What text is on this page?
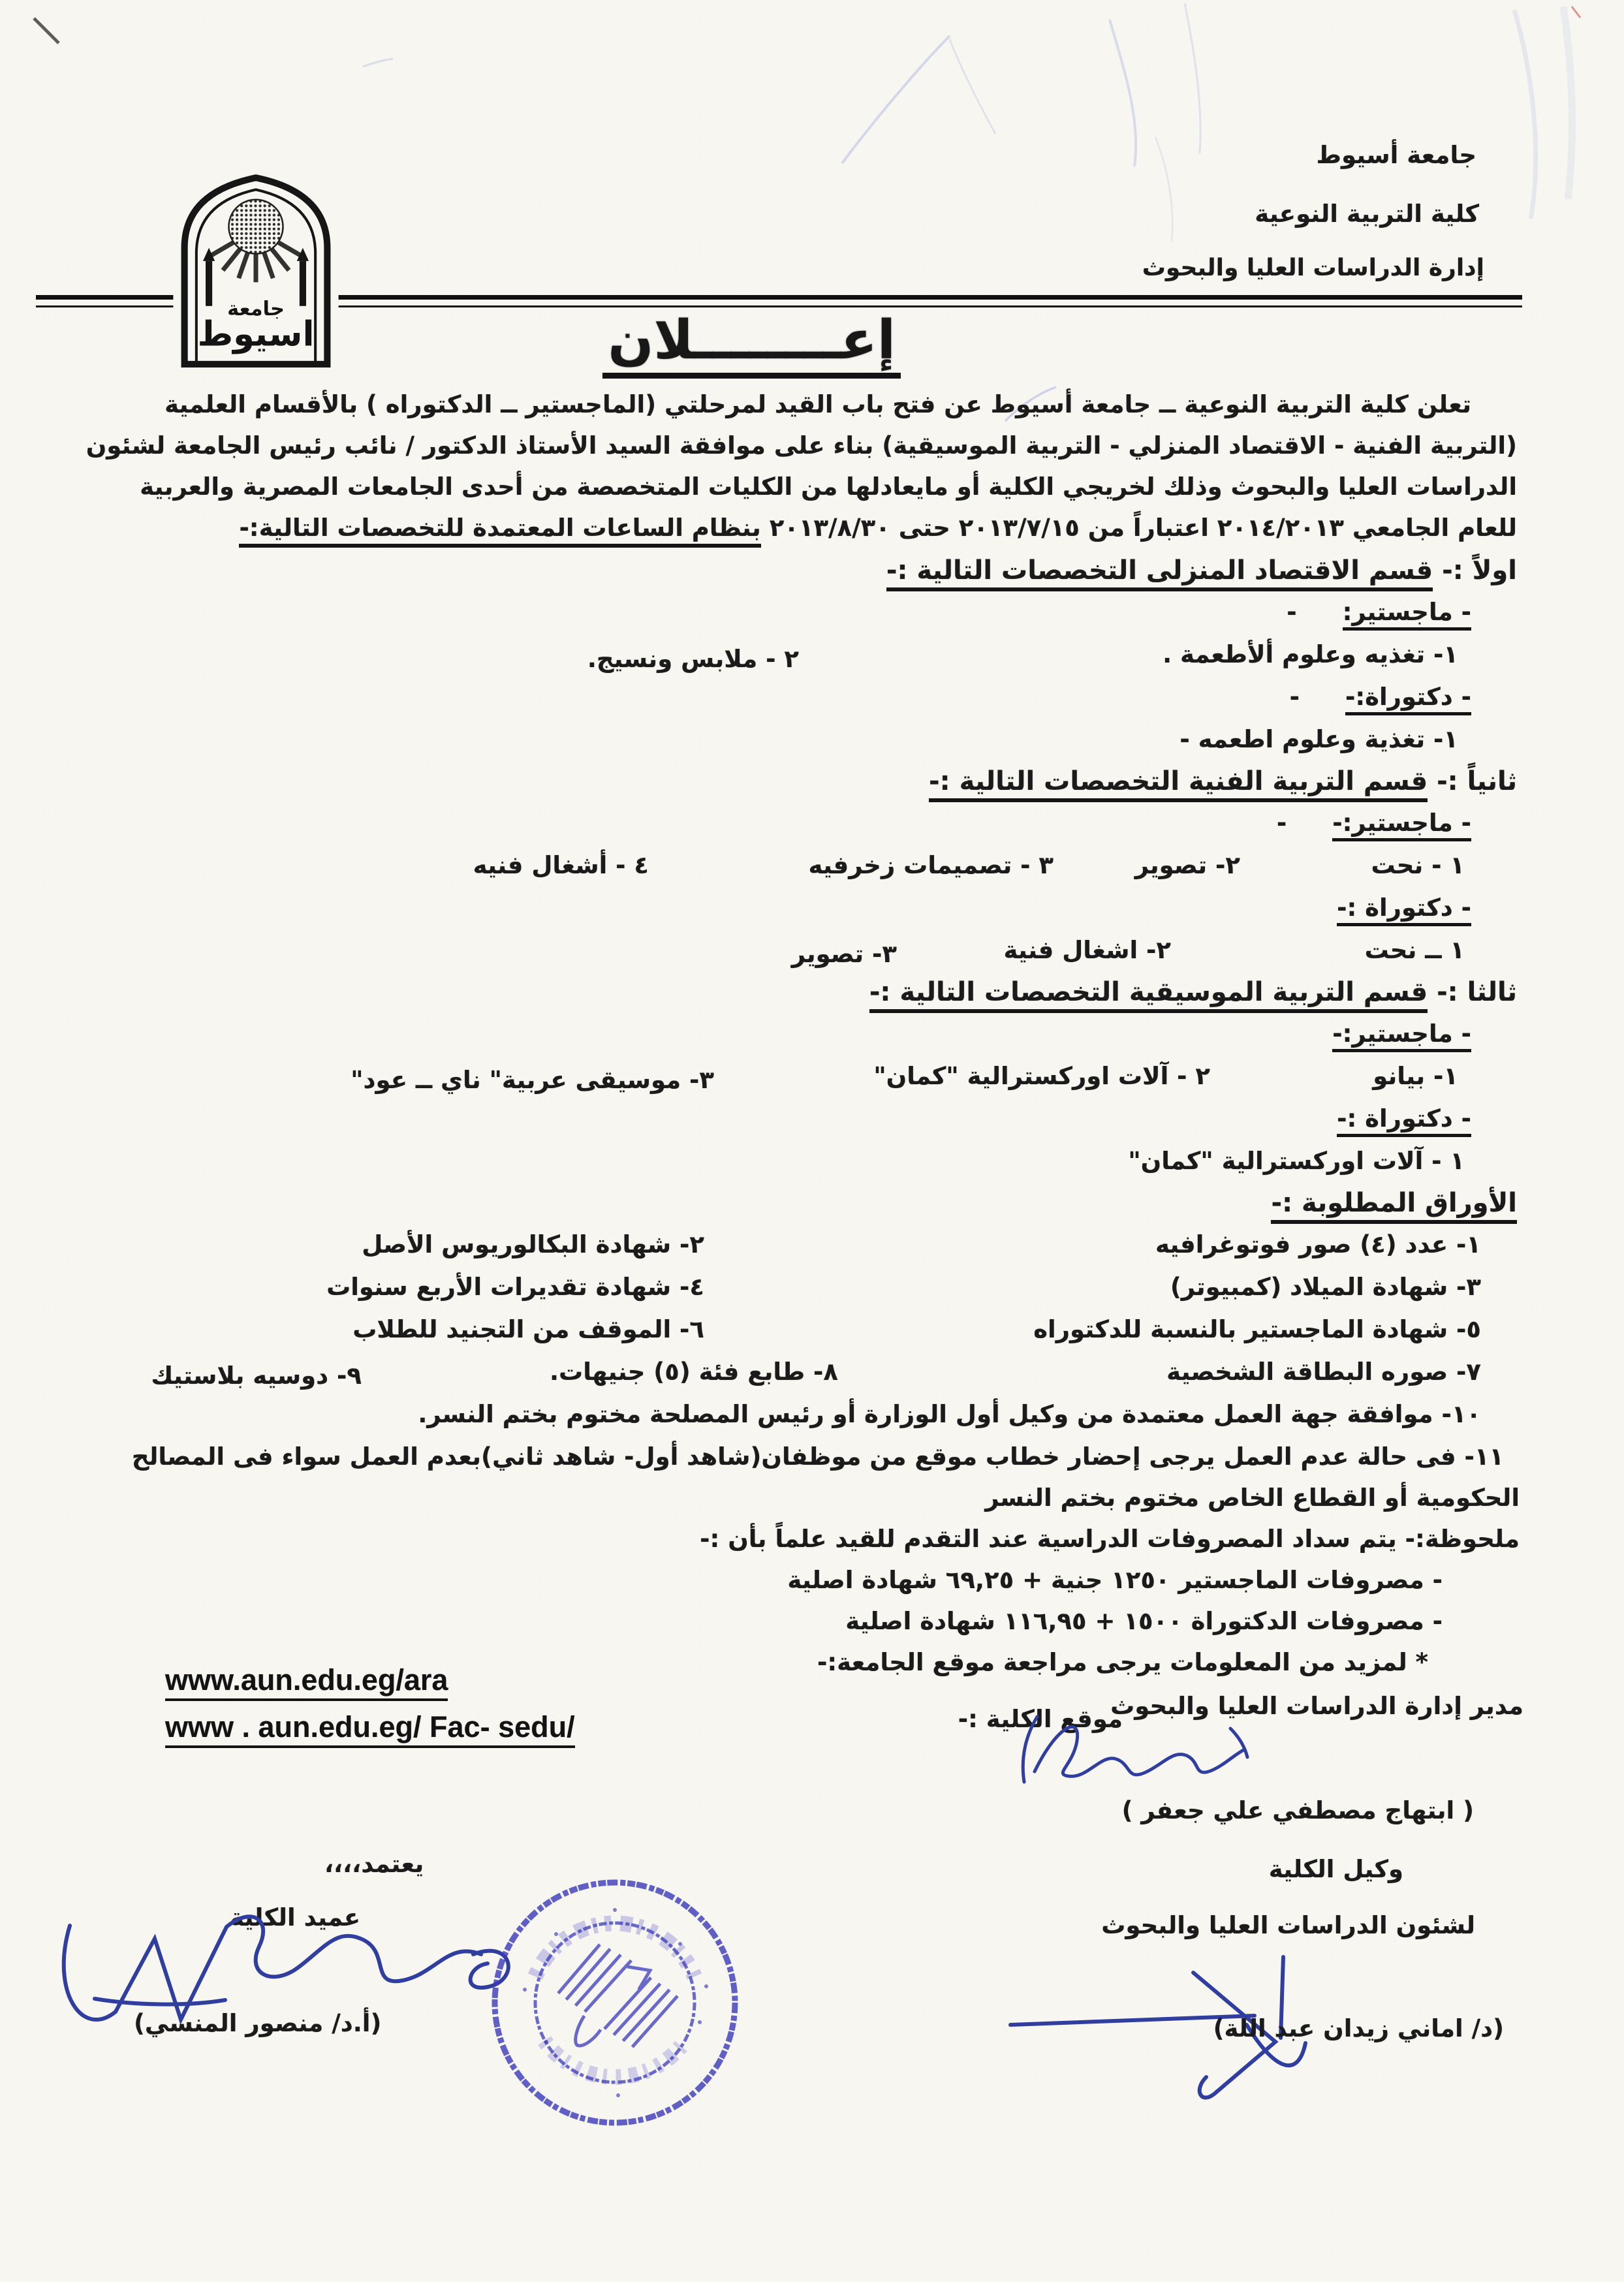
جامعة أسيوط
كلية التربية النوعية
إدارة الدراسات العليا والبحوث
جامعة
اسيوط	إعــــــــلان
تعلن كلية التربية النوعية ــ جامعة أسيوط عن فتح باب القيد لمرحلتي (الماجستير ــ الدكتوراه ) بالأقسام العلمية
(التربية الفنية - الاقتصاد المنزلي - التربية الموسيقية) بناء على موافقة السيد الأستاذ الدكتور / نائب رئيس الجامعة لشئون
الدراسات العليا والبحوث وذلك لخريجي الكلية أو مايعادلها من الكليات المتخصصة من أحدى الجامعات المصرية والعربية
للعام الجامعي ٢٠١٤/٢٠١٣ اعتباراً من ٢٠١٣/٧/١٥ حتى ٢٠١٣/٨/٣٠ بنظام الساعات المعتمدة للتخصصات التالية:-
اولاً :- قسم الاقتصاد المنزلى التخصصات التالية :-
- ماجستير:-
١- تغذيه وعلوم ألأطعمة .
٢ - ملابس ونسيج.
- دكتوراة:--
١- تغذية وعلوم اطعمه -
ثانياً :- قسم التربية الفنية التخصصات التالية :-
- ماجستير:--
١ - نحت
٢- تصوير
٣ - تصميمات زخرفيه
٤ - أشغال فنيه
- دكتوراة :-
١ ــ نحت
٢- اشغال فنية
٣- تصوير
ثالثا :- قسم التربية الموسيقية التخصصات التالية :-
- ماجستير:-
١- بيانو
٢ - آلات اوركسترالية "كمان"
٣- موسيقى عربية" ناي ــ عود"
- دكتوراة :-
١ - آلات اوركسترالية "كمان"
الأوراق المطلوبة :-
١- عدد (٤) صور فوتوغرافيه
٢- شهادة البكالوريوس الأصل
٣- شهادة الميلاد (كمبيوتر)
٤- شهادة تقديرات الأربع سنوات
٥- شهادة الماجستير بالنسبة للدكتوراه
٦- الموقف من التجنيد للطلاب
٧- صوره البطاقة الشخصية
٨- طابع فئة (٥) جنيهات.
٩- دوسيه بلاستيك
١٠- موافقة جهة العمل معتمدة من وكيل أول الوزارة أو رئيس المصلحة مختوم بختم النسر.
١١- فى حالة عدم العمل يرجى إحضار خطاب موقع من موظفان(شاهد أول- شاهد ثاني)بعدم العمل سواء فى المصالح
الحكومية أو القطاع الخاص مختوم بختم النسر
ملحوظة:- يتم سداد المصروفات الدراسية عند التقدم للقيد علماً بأن :-
- مصروفات الماجستير ١٢٥٠ جنية + ٦٩,٢٥ شهادة اصلية
- مصروفات الدكتوراة ١٥٠٠ + ١١٦,٩٥ شهادة اصلية
* لمزيد من المعلومات يرجى مراجعة موقع الجامعة:-
www.aun.edu.eg/ara
www . aun.edu.eg/ Fac- sedu/	موقع الكلية :-
مدير إدارة الدراسات العليا والبحوث
( ابتهاج مصطفي علي جعفر )
وكيل الكلية
لشئون الدراسات العليا والبحوث
(د/ اماني زيدان عبد اللة)
يعتمد،،،،
عميد الكلية
(أ.د/ منصور المنسي)
